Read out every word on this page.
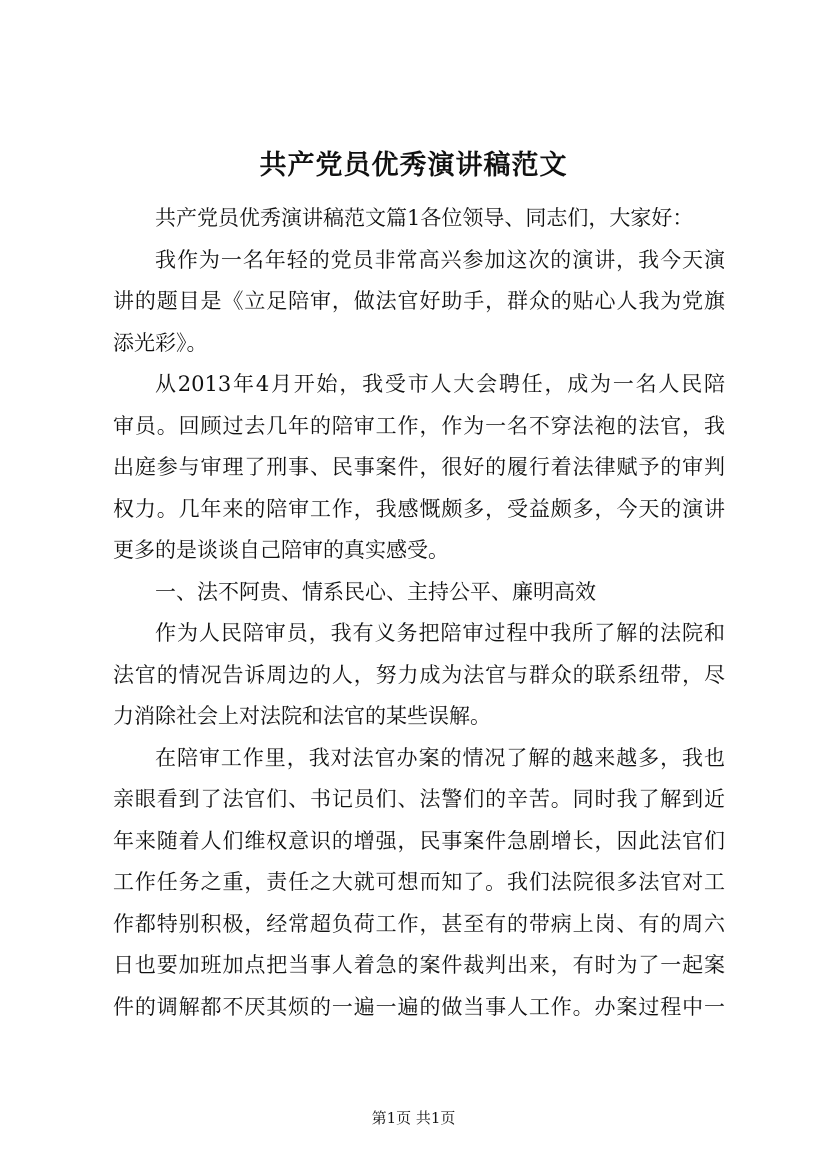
共产党员优秀演讲稿范文
共产党员优秀演讲稿范文篇1各位领导、同志们，大家好：
我作为一名年轻的党员非常高兴参加这次的演讲，我今天演
讲的题目是《立足陪审，做法官好助手，群众的贴心人我为党旗
添光彩》。
从2013年4月开始，我受市人大会聘任，成为一名人民陪
审员。回顾过去几年的陪审工作，作为一名不穿法袍的法官，我
出庭参与审理了刑事、民事案件，很好的履行着法律赋予的审判
权力。几年来的陪审工作，我感慨颇多，受益颇多，今天的演讲
更多的是谈谈自己陪审的真实感受。
一、法不阿贵、情系民心、主持公平、廉明高效
作为人民陪审员，我有义务把陪审过程中我所了解的法院和
法官的情况告诉周边的人，努力成为法官与群众的联系纽带，尽
力消除社会上对法院和法官的某些误解。
在陪审工作里，我对法官办案的情况了解的越来越多，我也
亲眼看到了法官们、书记员们、法警们的辛苦。同时我了解到近
年来随着人们维权意识的增强，民事案件急剧增长，因此法官们
工作任务之重，责任之大就可想而知了。我们法院很多法官对工
作都特别积极，经常超负荷工作，甚至有的带病上岗、有的周六
日也要加班加点把当事人着急的案件裁判出来，有时为了一起案
件的调解都不厌其烦的一遍一遍的做当事人工作。办案过程中一
第1页 共1页
